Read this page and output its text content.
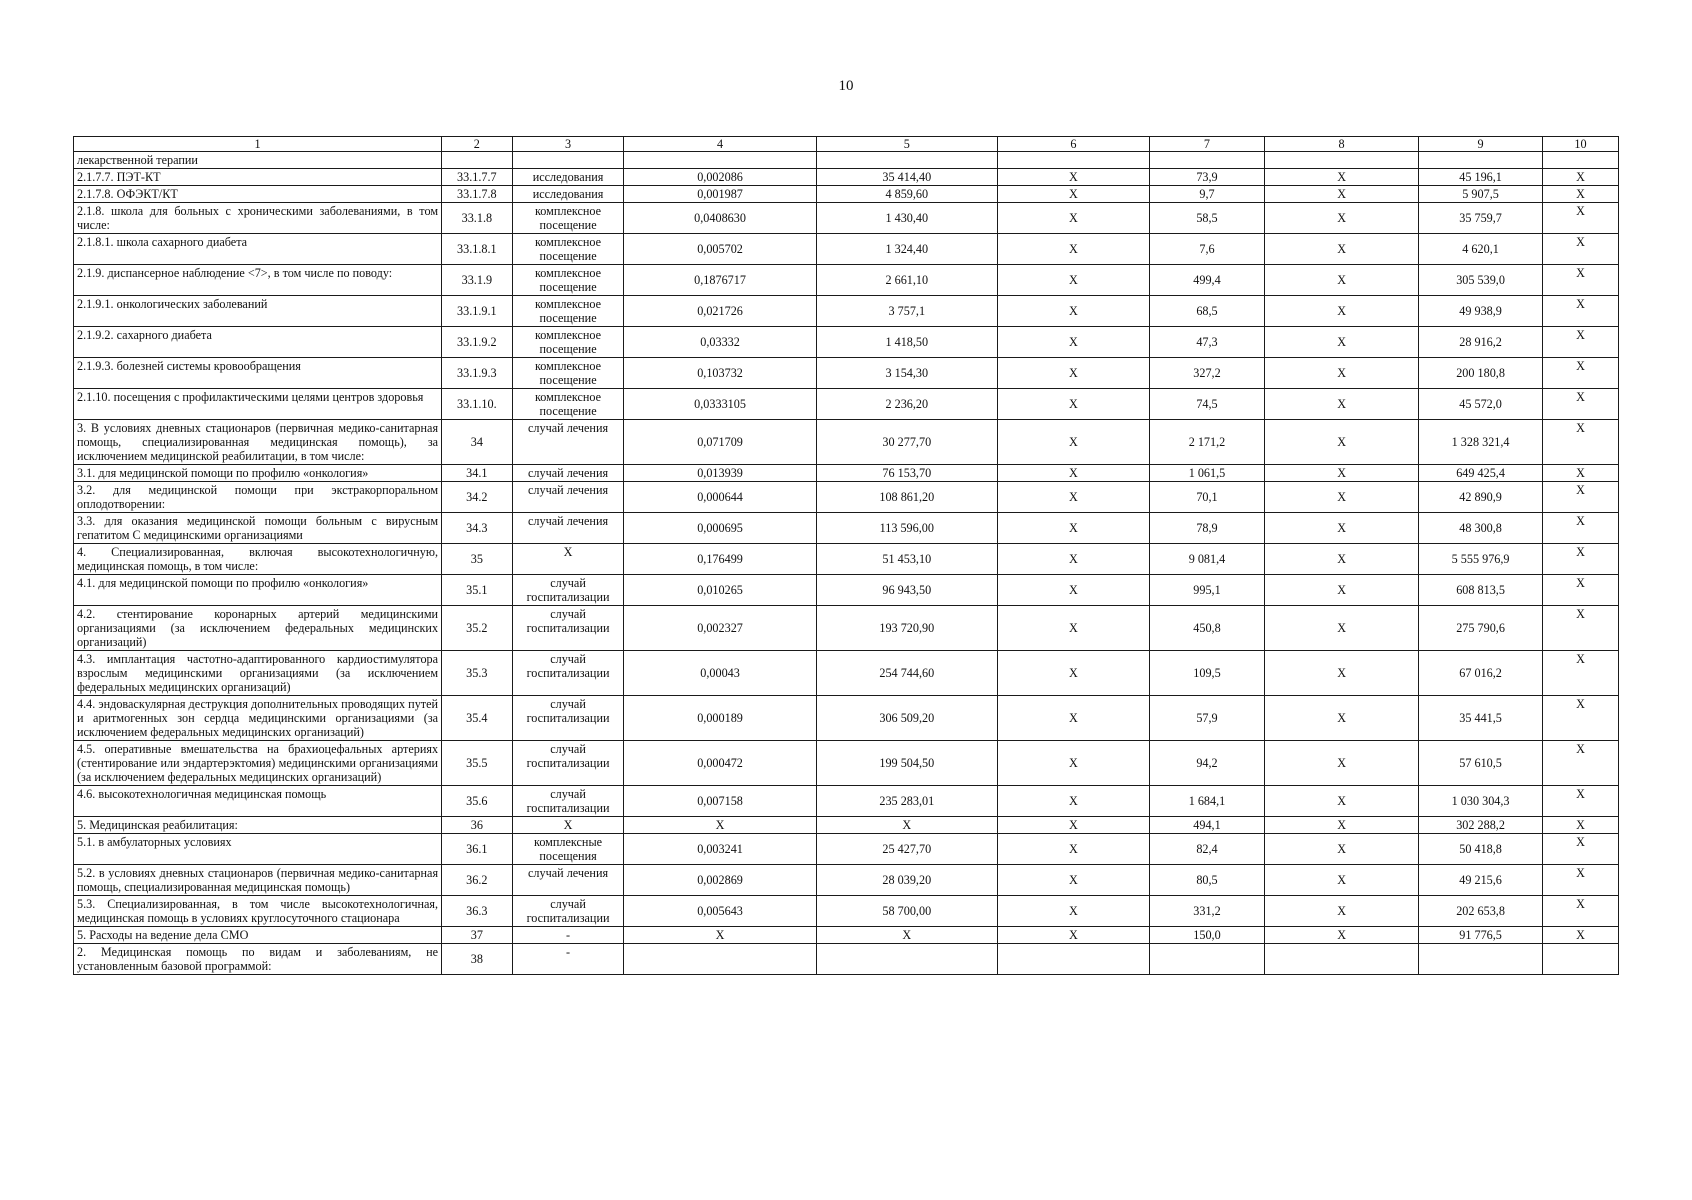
10
1	2	3	4	5	6	7	8	9	10
лекарственной терапии									
2.1.7.7. ПЭТ-КТ	33.1.7.7	исследования	0,002086	35 414,40	X	73,9	X	45 196,1	X
2.1.7.8. ОФЭКТ/КТ	33.1.7.8	исследования	0,001987	4 859,60	X	9,7	X	5 907,5	X
2.1.8. школа для больных с хроническими заболеваниями, в том числе:	33.1.8	комплексное посещение	0,0408630	1 430,40	X	58,5	X	35 759,7	X
2.1.8.1. школа сахарного диабета	33.1.8.1	комплексное посещение	0,005702	1 324,40	X	7,6	X	4 620,1	X
2.1.9. диспансерное наблюдение <7>, в том числе по поводу:	33.1.9	комплексное посещение	0,1876717	2 661,10	X	499,4	X	305 539,0	X
2.1.9.1. онкологических заболеваний	33.1.9.1	комплексное посещение	0,021726	3 757,1	X	68,5	X	49 938,9	X
2.1.9.2. сахарного диабета	33.1.9.2	комплексное посещение	0,03332	1 418,50	X	47,3	X	28 916,2	X
2.1.9.3. болезней системы кровообращения	33.1.9.3	комплексное посещение	0,103732	3 154,30	X	327,2	X	200 180,8	X
2.1.10. посещения с профилактическими целями центров здоровья	33.1.10.	комплексное посещение	0,0333105	2 236,20	X	74,5	X	45 572,0	X
3. В условиях дневных стационаров (первичная медико-санитарная помощь, специализированная медицинская помощь), за исключением медицинской реабилитации, в том числе:	34	случай лечения	0,071709	30 277,70	X	2 171,2	X	1 328 321,4	X
3.1. для медицинской помощи по профилю «онкология»	34.1	случай лечения	0,013939	76 153,70	X	1 061,5	X	649 425,4	X
3.2. для медицинской помощи при экстракорпоральном оплодотворении:	34.2	случай лечения	0,000644	108 861,20	X	70,1	X	42 890,9	X
3.3. для оказания медицинской помощи больным с вирусным гепатитом С медицинскими организациями	34.3	случай лечения	0,000695	113 596,00	X	78,9	X	48 300,8	X
4. Специализированная, включая высокотехнологичную, медицинская помощь, в том числе:	35	X	0,176499	51 453,10	X	9 081,4	X	5 555 976,9	X
4.1. для медицинской помощи по профилю «онкология»	35.1	случай госпитализации	0,010265	96 943,50	X	995,1	X	608 813,5	X
4.2. стентирование коронарных артерий медицинскими организациями (за исключением федеральных медицинских организаций)	35.2	случай госпитализации	0,002327	193 720,90	X	450,8	X	275 790,6	X
4.3. имплантация частотно-адаптированного кардиостимулятора взрослым медицинскими организациями (за исключением федеральных медицинских организаций)	35.3	случай госпитализации	0,00043	254 744,60	X	109,5	X	67 016,2	X
4.4. эндоваскулярная деструкция дополнительных проводящих путей и аритмогенных зон сердца медицинскими организациями (за исключением федеральных медицинских организаций)	35.4	случай госпитализации	0,000189	306 509,20	X	57,9	X	35 441,5	X
4.5. оперативные вмешательства на брахиоцефальных артериях (стентирование или эндартерэктомия) медицинскими организациями (за исключением федеральных медицинских организаций)	35.5	случай госпитализации	0,000472	199 504,50	X	94,2	X	57 610,5	X
4.6. высокотехнологичная медицинская помощь	35.6	случай госпитализации	0,007158	235 283,01	X	1 684,1	X	1 030 304,3	X
5. Медицинская реабилитация:	36	X	X	X	X	494,1	X	302 288,2	X
5.1. в амбулаторных условиях	36.1	комплексные посещения	0,003241	25 427,70	X	82,4	X	50 418,8	X
5.2. в условиях дневных стационаров (первичная медико-санитарная помощь, специализированная медицинская помощь)	36.2	случай лечения	0,002869	28 039,20	X	80,5	X	49 215,6	X
5.3. Специализированная, в том числе высокотехнологичная, медицинская помощь в условиях круглосуточного стационара	36.3	случай госпитализации	0,005643	58 700,00	X	331,2	X	202 653,8	X
5. Расходы на ведение дела СМО	37	-	X	X	X	150,0	X	91 776,5	X
2. Медицинская помощь по видам и заболеваниям, не установленным базовой программой:	38	-							
